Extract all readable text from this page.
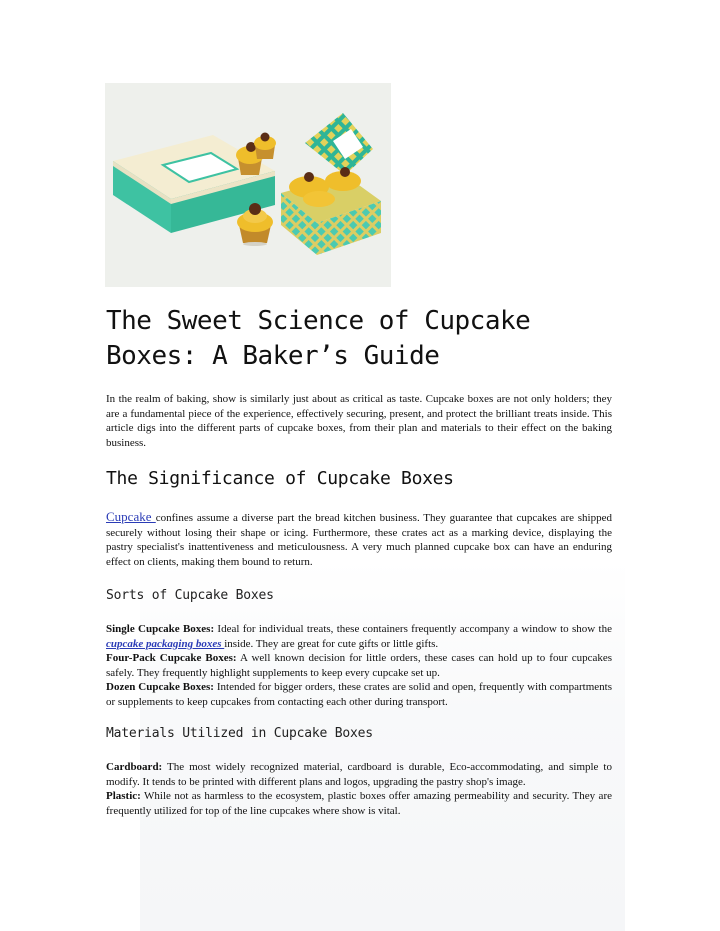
The Sweet Science of Cupcake Boxes: A Baker’s Guide

In the realm of baking, show is similarly just about as critical as taste. Cupcake boxes are not only holders; they are a fundamental piece of the experience, effectively securing, present, and protect the brilliant treats inside. This article digs into the different parts of cupcake boxes, from their plan and materials to their effect on the baking business.

The Significance of Cupcake Boxes

Cupcake confines assume a diverse part the bread kitchen business. They guarantee that cupcakes are shipped securely without losing their shape or icing. Furthermore, these crates act as a marking device, displaying the pastry specialist's inattentiveness and meticulousness. A very much planned cupcake box can have an enduring effect on clients, making them bound to return.

Sorts of Cupcake Boxes
Single Cupcake Boxes: Ideal for individual treats, these containers frequently accompany a window to show the cupcake packaging boxes inside. They are great for cute gifts or little gifts.
Four-Pack Cupcake Boxes: A well known decision for little orders, these cases can hold up to four cupcakes safely. They frequently highlight supplements to keep every cupcake set up.
Dozen Cupcake Boxes: Intended for bigger orders, these crates are solid and open, frequently with compartments or supplements to keep cupcakes from contacting each other during transport.
Materials Utilized in Cupcake Boxes
Cardboard: The most widely recognized material, cardboard is durable, Eco-accommodating, and simple to modify. It tends to be printed with different plans and logos, upgrading the pastry shop's image.
Plastic: While not as harmless to the ecosystem, plastic boxes offer amazing permeability and security. They are frequently utilized for top of the line cupcakes where show is vital.
